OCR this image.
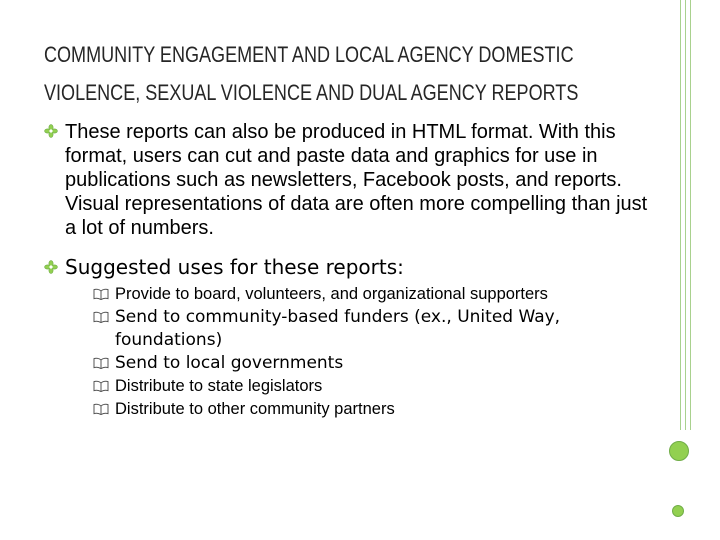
COMMUNITY ENGAGEMENT AND LOCAL AGENCY DOMESTIC
VIOLENCE, SEXUAL VIOLENCE AND DUAL AGENCY REPORTS
These reports can also be produced in HTML format. With this format, users can cut and paste data and graphics for use in publications such as newsletters, Facebook posts, and reports. Visual representations of data are often more compelling than just a lot of numbers.
Suggested uses for these reports:
Provide to board, volunteers, and organizational supporters
Send to community-based funders (ex., United Way, foundations)
Send to local governments
Distribute to state legislators
Distribute to other community partners
